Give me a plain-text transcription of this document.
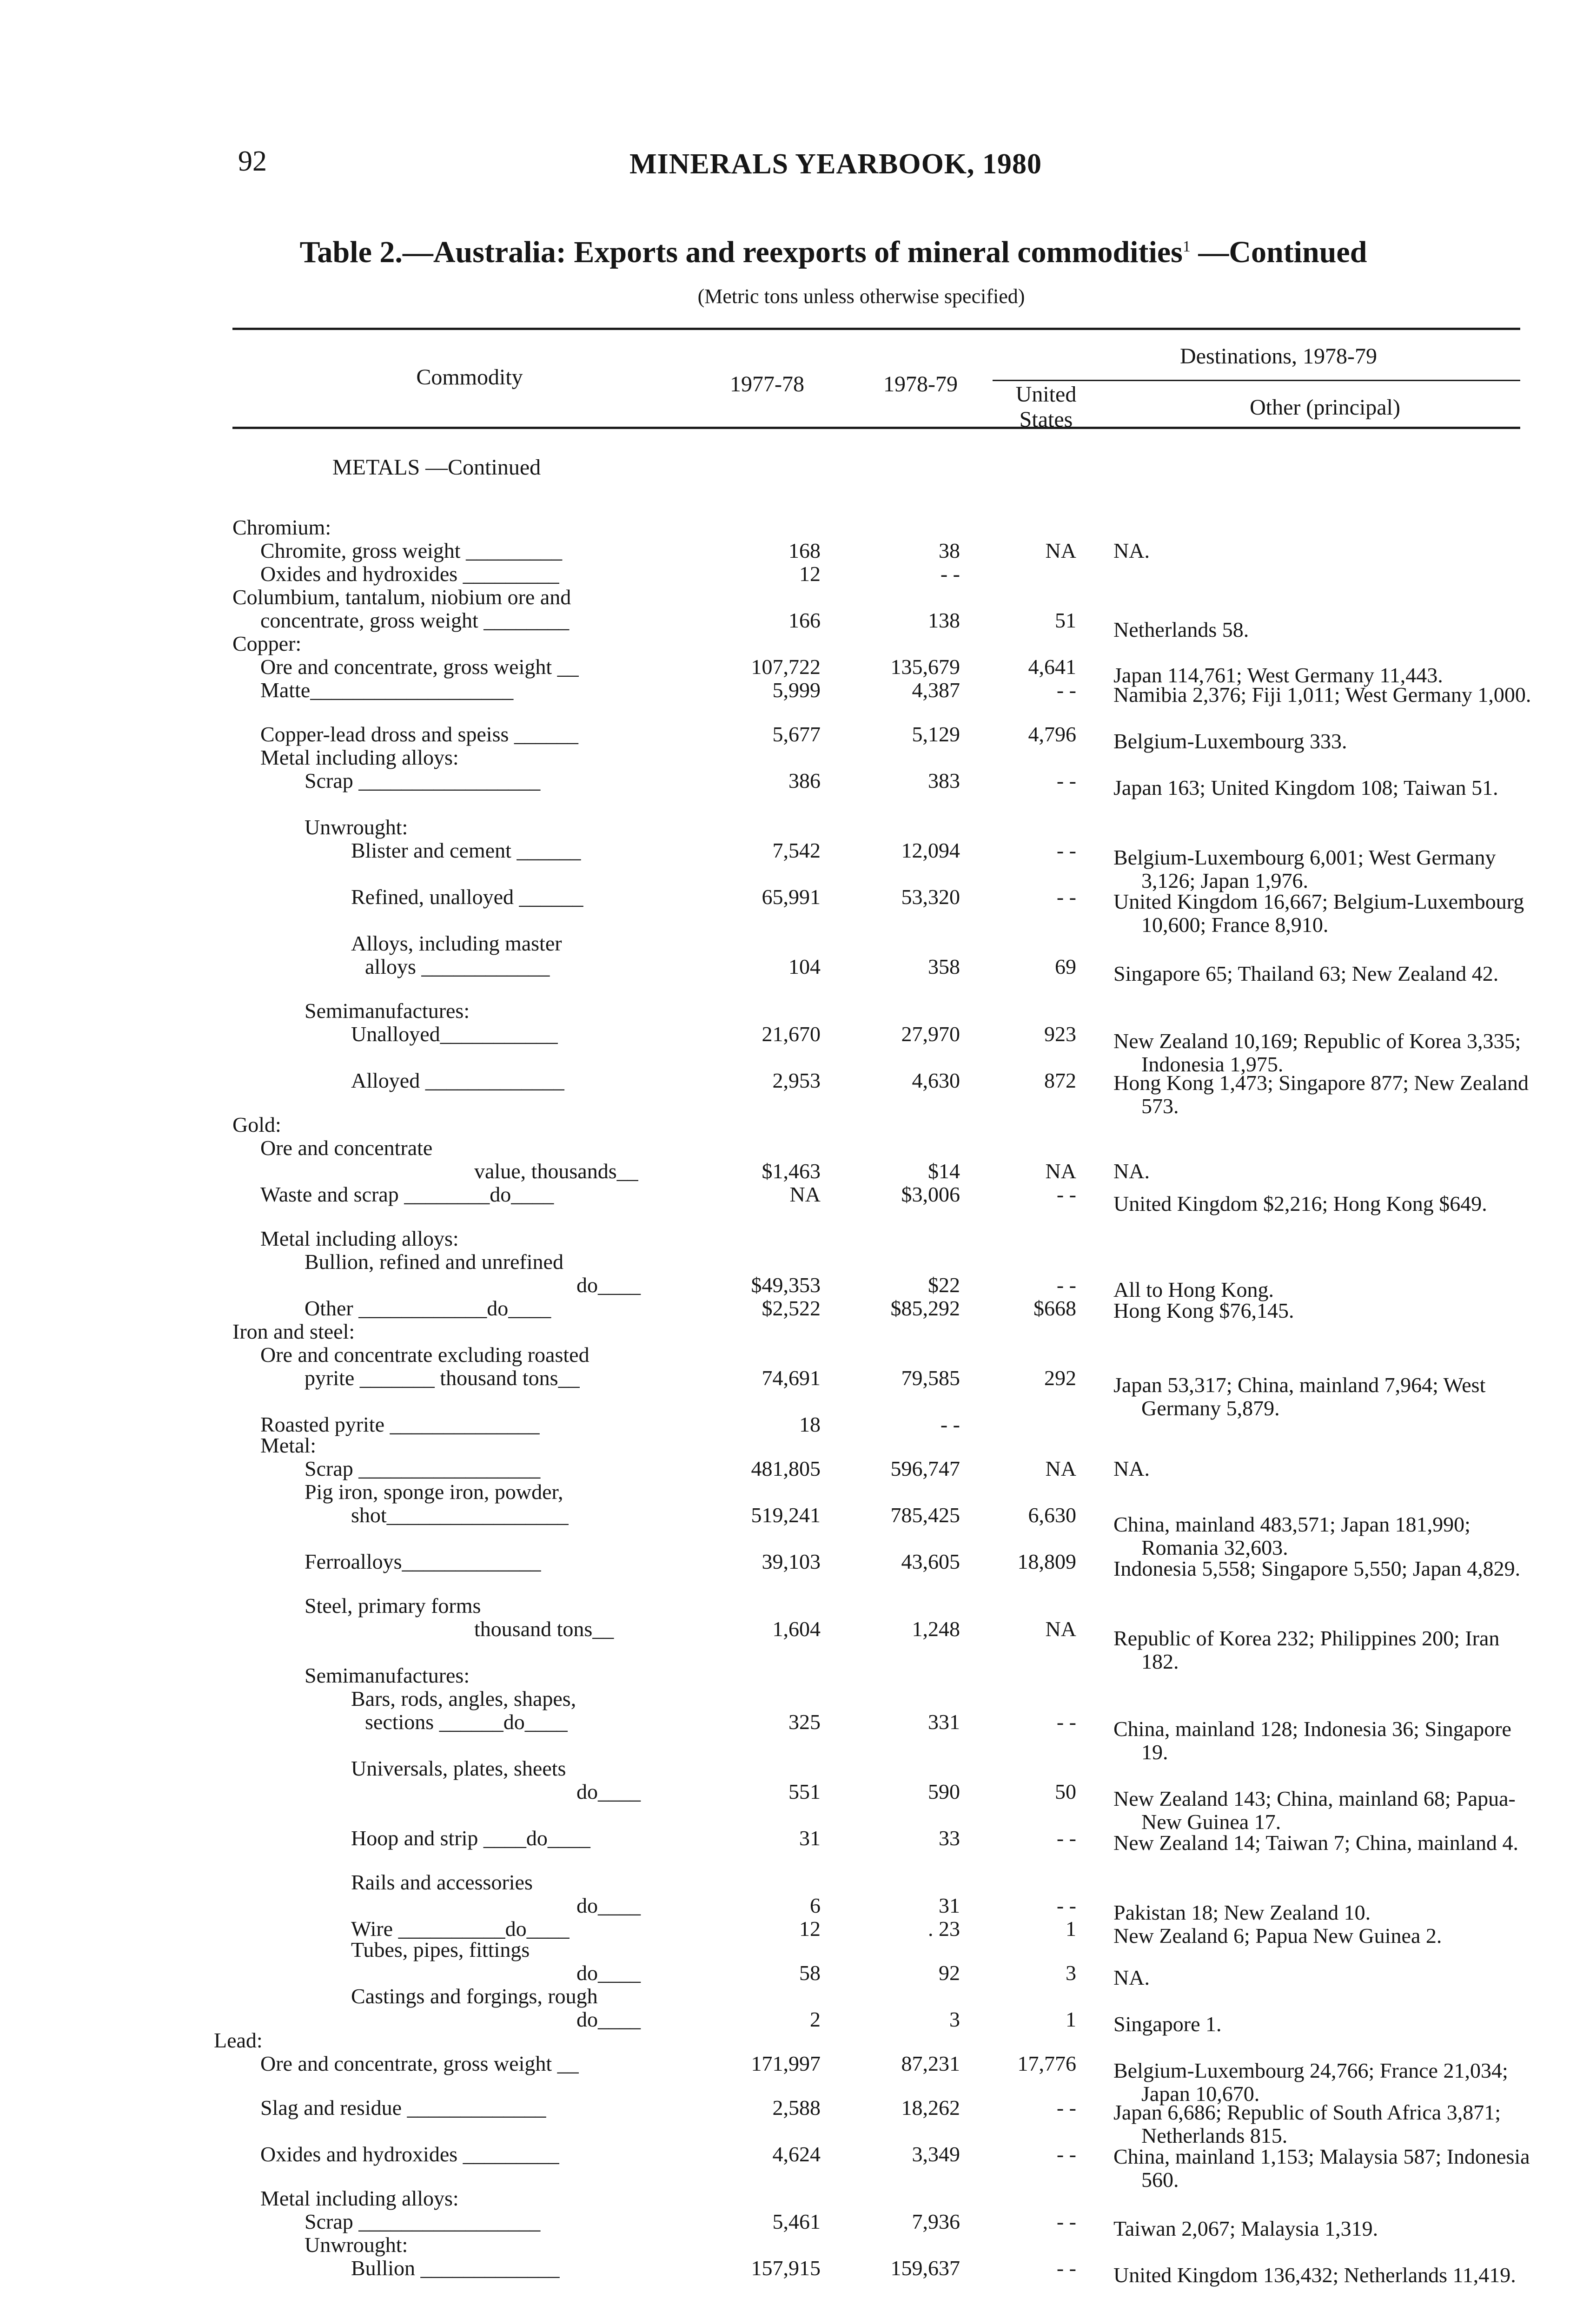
92	MINERALS YEARBOOK, 1980
Table 2.—Australia: Exports and reexports of mineral commodities$^1$ —Continued
(Metric tons unless otherwise specified)
Commodity	1977-78	1978-79
Destinations, 1978-79
United
States	Other (principal)
METALS —Continued
Chromium:
Chromite, gross weight _________	168	38	NA NA.
Oxides and hydroxides _________	12	- -
Columbium, tantalum, niobium ore and
concentrate, gross weight ________	166	138	51 Netherlands 58.
Copper:
Ore and concentrate, gross weight __	107,722	135,679	4,641 Japan 114,761; West Germany 11,443.
Matte___________________	5,999	4,387	- - Namibia 2,376; Fiji 1,011; West Germany 1,000.
Copper-lead dross and speiss ______	5,677	5,129	4,796 Belgium-Luxembourg 333.
Metal including alloys:
Scrap _________________	386	383	- - Japan 163; United Kingdom 108; Taiwan 51.
Unwrought:
Blister and cement ______	7,542	12,094	- - Belgium-Luxembourg 6,001; West Germany 3,126; Japan 1,976.
Refined, unalloyed ______	65,991	53,320	- - United Kingdom 16,667; Belgium-Luxembourg 10,600; France 8,910.
Alloys, including master
alloys ____________	104	358	69 Singapore 65; Thailand 63; New Zealand 42.
Semimanufactures:
Unalloyed___________	21,670	27,970	923 New Zealand 10,169; Republic of Korea 3,335; Indonesia 1,975.
Alloyed _____________	2,953	4,630	872 Hong Kong 1,473; Singapore 877; New Zealand 573.
Gold:
Ore and concentrate
value, thousands__	$1,463	$14	NA NA.
Waste and scrap ________do____	NA	$3,006	- - United Kingdom $2,216; Hong Kong $649.
Metal including alloys:
Bullion, refined and unrefined
do____	$49,353	$22	- - All to Hong Kong.
Other ____________do____	$2,522	$85,292	$668 Hong Kong $76,145.
Iron and steel:
Ore and concentrate excluding roasted
pyrite _______ thousand tons__	74,691	79,585	292 Japan 53,317; China, mainland 7,964; West Germany 5,879.
Roasted pyrite ______________	18	- -
Metal:
Scrap _________________	481,805	596,747	NA NA.
Pig iron, sponge iron, powder,
shot_________________	519,241	785,425	6,630 China, mainland 483,571; Japan 181,990; Romania 32,603.
Ferroalloys_____________	39,103	43,605	18,809 Indonesia 5,558; Singapore 5,550; Japan 4,829.
Steel, primary forms
thousand tons__	1,604	1,248	NA Republic of Korea 232; Philippines 200; Iran 182.
Semimanufactures:
Bars, rods, angles, shapes,
sections ______do____	325	331	- - China, mainland 128; Indonesia 36; Singapore 19.
Universals, plates, sheets
do____	551	590	50 New Zealand 143; China, mainland 68; Papua-New Guinea 17.
Hoop and strip ____do____	31	33	- - New Zealand 14; Taiwan 7; China, mainland 4.
Rails and accessories
do____	6	31	- - Pakistan 18; New Zealand 10.
Wire __________do____	12	. 23	1 New Zealand 6; Papua New Guinea 2.
Tubes, pipes, fittings
do____	58	92	3 NA.
Castings and forgings, rough
do____	2	3	1 Singapore 1.
Lead:
Ore and concentrate, gross weight __	171,997	87,231	17,776 Belgium-Luxembourg 24,766; France 21,034; Japan 10,670.
Slag and residue _____________	2,588	18,262	- - Japan 6,686; Republic of South Africa 3,871; Netherlands 815.
Oxides and hydroxides _________	4,624	3,349	- - China, mainland 1,153; Malaysia 587; Indonesia 560.
Metal including alloys:
Scrap _________________	5,461	7,936	- - Taiwan 2,067; Malaysia 1,319.
Unwrought:
Bullion _____________	157,915	159,637	- - United Kingdom 136,432; Netherlands 11,419.
